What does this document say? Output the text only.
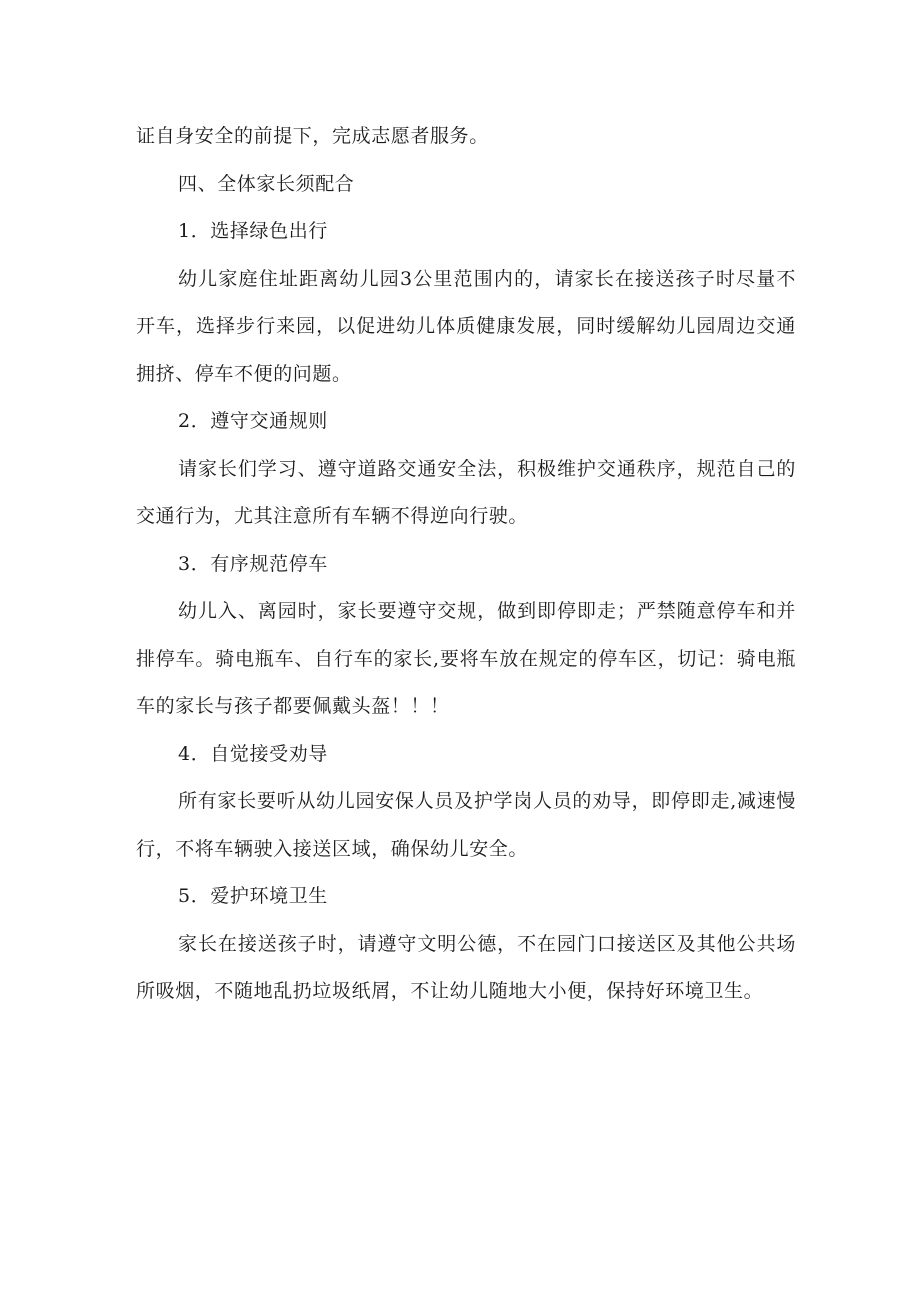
证自身安全的前提下，完成志愿者服务。

四、全体家长须配合

1．选择绿色出行

幼儿家庭住址距离幼儿园3公里范围内的，请家长在接送孩子时尽量不开车，选择步行来园，以促进幼儿体质健康发展，同时缓解幼儿园周边交通拥挤、停车不便的问题。

2．遵守交通规则

请家长们学习、遵守道路交通安全法，积极维护交通秩序，规范自己的交通行为，尤其注意所有车辆不得逆向行驶。

3．有序规范停车

幼儿入、离园时，家长要遵守交规，做到即停即走；严禁随意停车和并排停车。骑电瓶车、自行车的家长,要将车放在规定的停车区，切记：骑电瓶车的家长与孩子都要佩戴头盔！！！

4．自觉接受劝导

所有家长要听从幼儿园安保人员及护学岗人员的劝导，即停即走,减速慢行，不将车辆驶入接送区域，确保幼儿安全。

5．爱护环境卫生

家长在接送孩子时，请遵守文明公德，不在园门口接送区及其他公共场所吸烟，不随地乱扔垃圾纸屑，不让幼儿随地大小便，保持好环境卫生。
